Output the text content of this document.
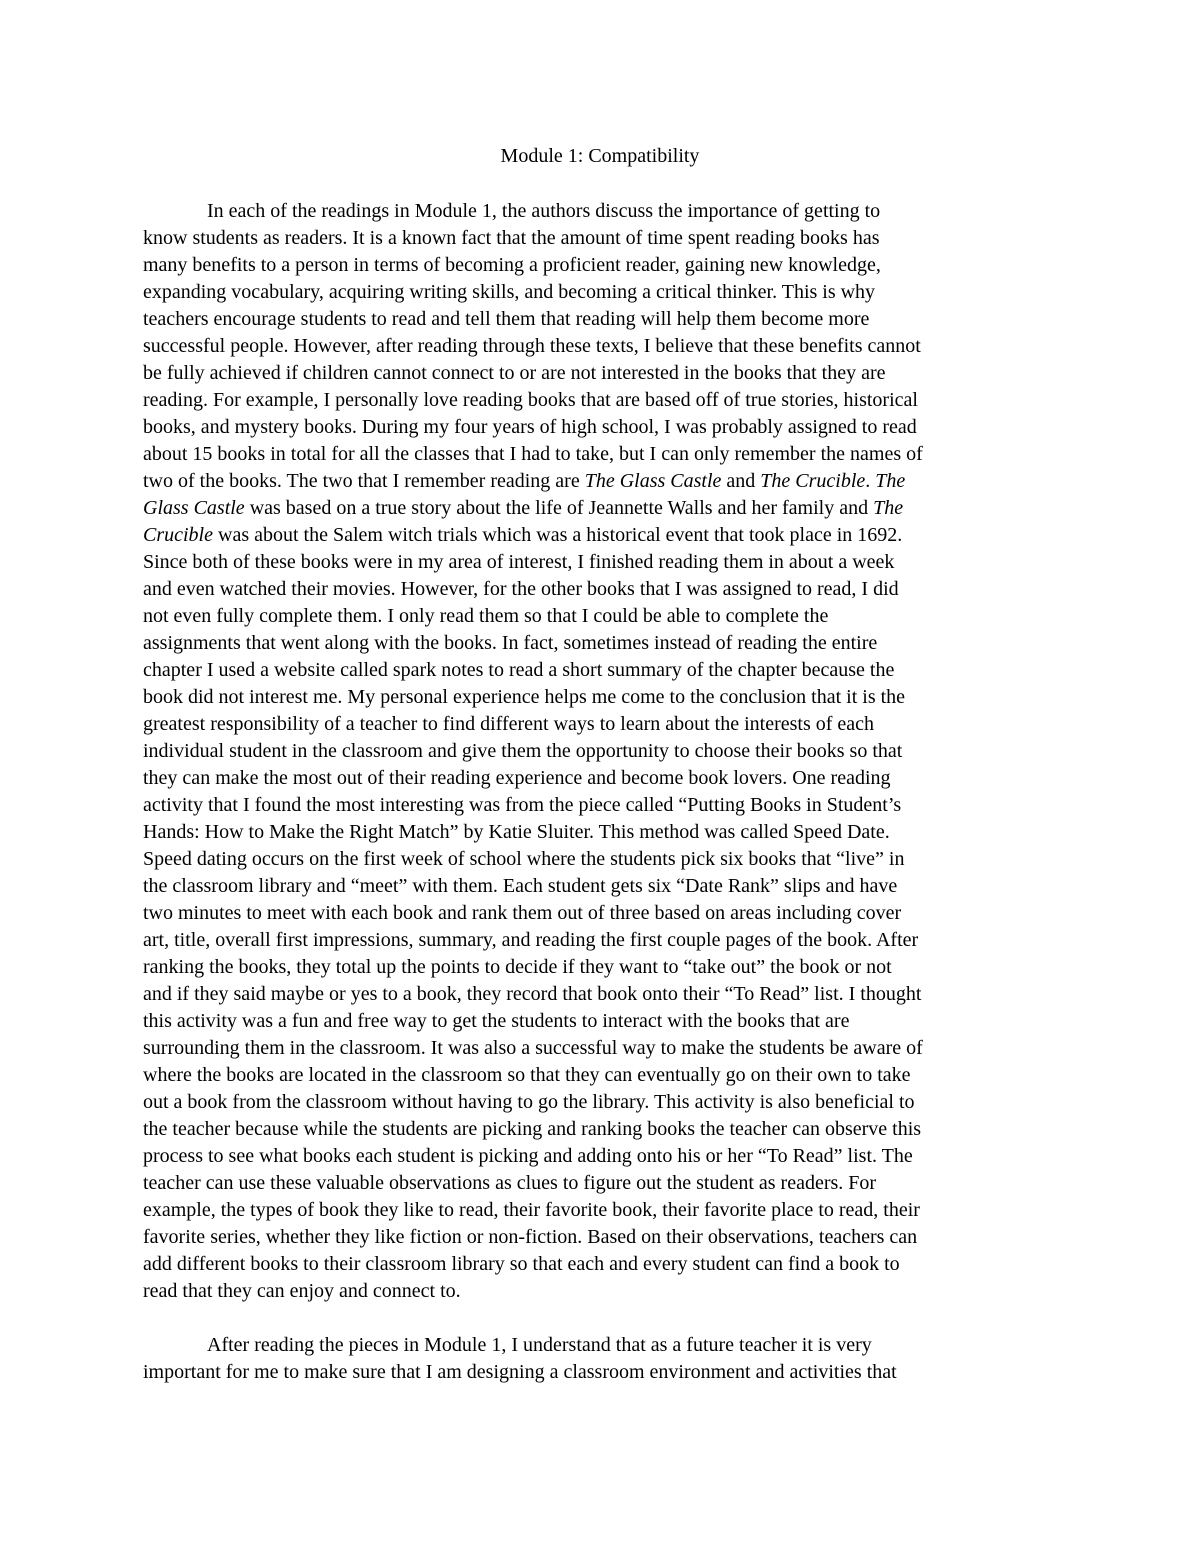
Module 1: Compatibility
In each of the readings in Module 1, the authors discuss the importance of getting to
know students as readers. It is a known fact that the amount of time spent reading books has
many benefits to a person in terms of becoming a proficient reader, gaining new knowledge,
expanding vocabulary, acquiring writing skills, and becoming a critical thinker. This is why
teachers encourage students to read and tell them that reading will help them become more
successful people. However, after reading through these texts, I believe that these benefits cannot
be fully achieved if children cannot connect to or are not interested in the books that they are
reading. For example, I personally love reading books that are based off of true stories, historical
books, and mystery books. During my four years of high school, I was probably assigned to read
about 15 books in total for all the classes that I had to take, but I can only remember the names of
two of the books. The two that I remember reading are The Glass Castle and The Crucible. The
Glass Castle was based on a true story about the life of Jeannette Walls and her family and The
Crucible was about the Salem witch trials which was a historical event that took place in 1692.
Since both of these books were in my area of interest, I finished reading them in about a week
and even watched their movies. However, for the other books that I was assigned to read, I did
not even fully complete them. I only read them so that I could be able to complete the
assignments that went along with the books. In fact, sometimes instead of reading the entire
chapter I used a website called spark notes to read a short summary of the chapter because the
book did not interest me. My personal experience helps me come to the conclusion that it is the
greatest responsibility of a teacher to find different ways to learn about the interests of each
individual student in the classroom and give them the opportunity to choose their books so that
they can make the most out of their reading experience and become book lovers. One reading
activity that I found the most interesting was from the piece called “Putting Books in Student’s
Hands: How to Make the Right Match” by Katie Sluiter. This method was called Speed Date.
Speed dating occurs on the first week of school where the students pick six books that “live” in
the classroom library and “meet” with them. Each student gets six “Date Rank” slips and have
two minutes to meet with each book and rank them out of three based on areas including cover
art, title, overall first impressions, summary, and reading the first couple pages of the book. After
ranking the books, they total up the points to decide if they want to “take out” the book or not
and if they said maybe or yes to a book, they record that book onto their “To Read” list. I thought
this activity was a fun and free way to get the students to interact with the books that are
surrounding them in the classroom. It was also a successful way to make the students be aware of
where the books are located in the classroom so that they can eventually go on their own to take
out a book from the classroom without having to go the library. This activity is also beneficial to
the teacher because while the students are picking and ranking books the teacher can observe this
process to see what books each student is picking and adding onto his or her “To Read” list. The
teacher can use these valuable observations as clues to figure out the student as readers. For
example, the types of book they like to read, their favorite book, their favorite place to read, their
favorite series, whether they like fiction or non-fiction. Based on their observations, teachers can
add different books to their classroom library so that each and every student can find a book to
read that they can enjoy and connect to.
After reading the pieces in Module 1, I understand that as a future teacher it is very
important for me to make sure that I am designing a classroom environment and activities that
